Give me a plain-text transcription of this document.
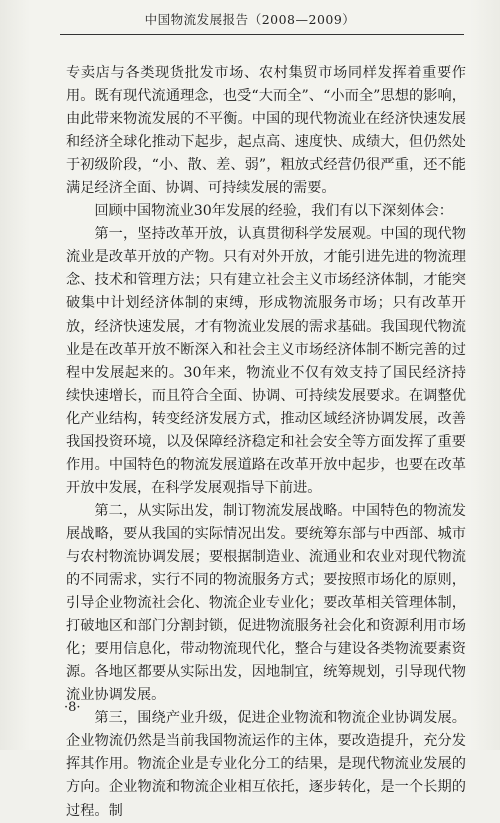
中国物流发展报告（2008—2009）

专卖店与各类现货批发市场、农村集贸市场同样发挥着重要作用。既有现代流通理念，也受“大而全”、“小而全”思想的影响，由此带来物流发展的不平衡。中国的现代物流业在经济快速发展和经济全球化推动下起步，起点高、速度快、成绩大，但仍然处于初级阶段，“小、散、差、弱”，粗放式经营仍很严重，还不能满足经济全面、协调、可持续发展的需要。

回顾中国物流业30年发展的经验，我们有以下深刻体会：

第一，坚持改革开放，认真贯彻科学发展观。中国的现代物流业是改革开放的产物。只有对外开放，才能引进先进的物流理念、技术和管理方法；只有建立社会主义市场经济体制，才能突破集中计划经济体制的束缚，形成物流服务市场；只有改革开放，经济快速发展，才有物流业发展的需求基础。我国现代物流业是在改革开放不断深入和社会主义市场经济体制不断完善的过程中发展起来的。30年来，物流业不仅有效支持了国民经济持续快速增长，而且符合全面、协调、可持续发展要求。在调整优化产业结构，转变经济发展方式，推动区域经济协调发展，改善我国投资环境，以及保障经济稳定和社会安全等方面发挥了重要作用。中国特色的物流发展道路在改革开放中起步，也要在改革开放中发展，在科学发展观指导下前进。

第二，从实际出发，制订物流发展战略。中国特色的物流发展战略，要从我国的实际情况出发。要统筹东部与中西部、城市与农村物流协调发展；要根据制造业、流通业和农业对现代物流的不同需求，实行不同的物流服务方式；要按照市场化的原则，引导企业物流社会化、物流企业专业化；要改革相关管理体制，打破地区和部门分割封锁，促进物流服务社会化和资源利用市场化；要用信息化，带动物流现代化，整合与建设各类物流要素资源。各地区都要从实际出发，因地制宜，统筹规划，引导现代物流业协调发展。

第三，围绕产业升级，促进企业物流和物流企业协调发展。企业物流仍然是当前我国物流运作的主体，要改造提升，充分发挥其作用。物流企业是专业化分工的结果，是现代物流业发展的方向。企业物流和物流企业相互依托，逐步转化，是一个长期的过程。制

·8·
